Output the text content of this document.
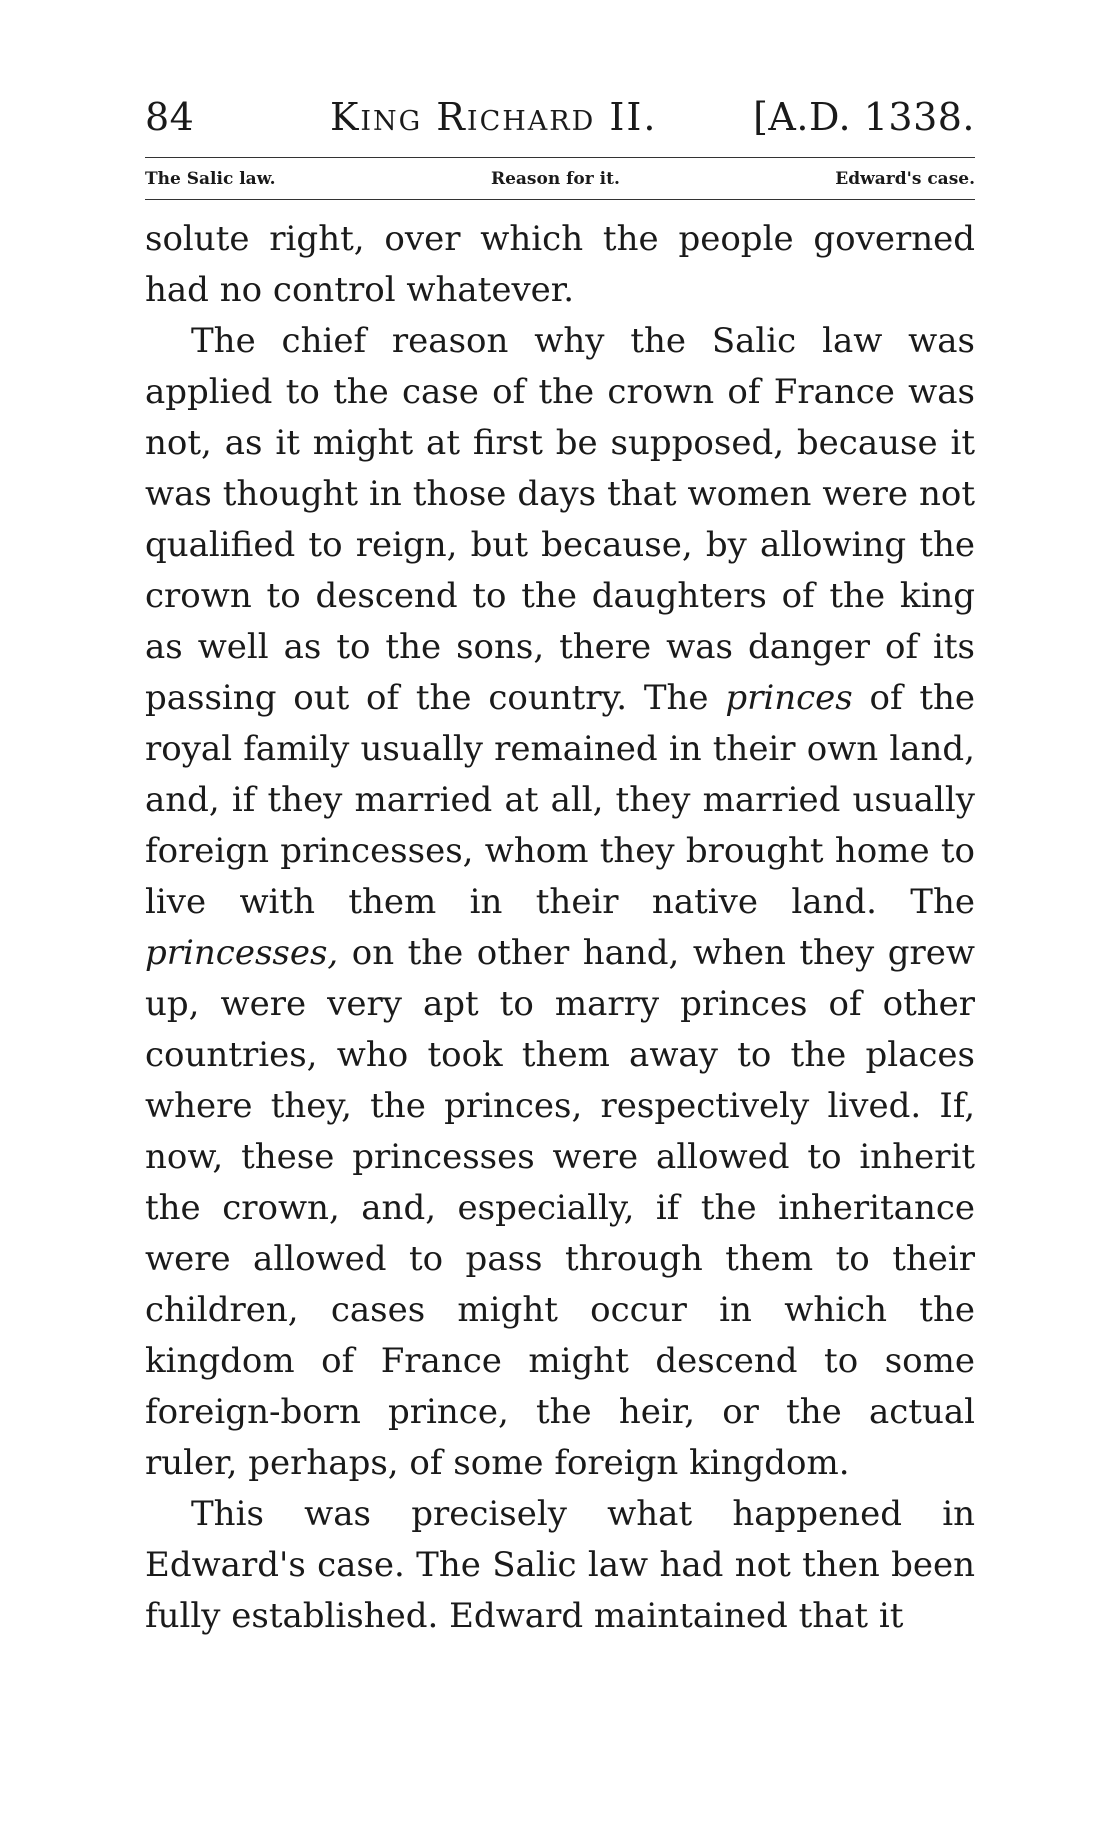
84	King Richard II.	[A.D. 1338.
The Salic law.	Reason for it.	Edward's case.

solute right, over which the people governed had no control whatever.

The chief reason why the Salic law was applied to the case of the crown of France was not, as it might at first be supposed, because it was thought in those days that women were not qualified to reign, but because, by allowing the crown to descend to the daughters of the king as well as to the sons, there was danger of its passing out of the country. The princes of the royal family usually remained in their own land, and, if they married at all, they married usually foreign princesses, whom they brought home to live with them in their native land. The princesses, on the other hand, when they grew up, were very apt to marry princes of other countries, who took them away to the places where they, the princes, respectively lived. If, now, these princesses were allowed to inherit the crown, and, especially, if the inheritance were allowed to pass through them to their children, cases might occur in which the kingdom of France might descend to some foreign-born prince, the heir, or the actual ruler, perhaps, of some foreign kingdom.

This was precisely what happened in Edward's case. The Salic law had not then been fully established. Edward maintained that it
